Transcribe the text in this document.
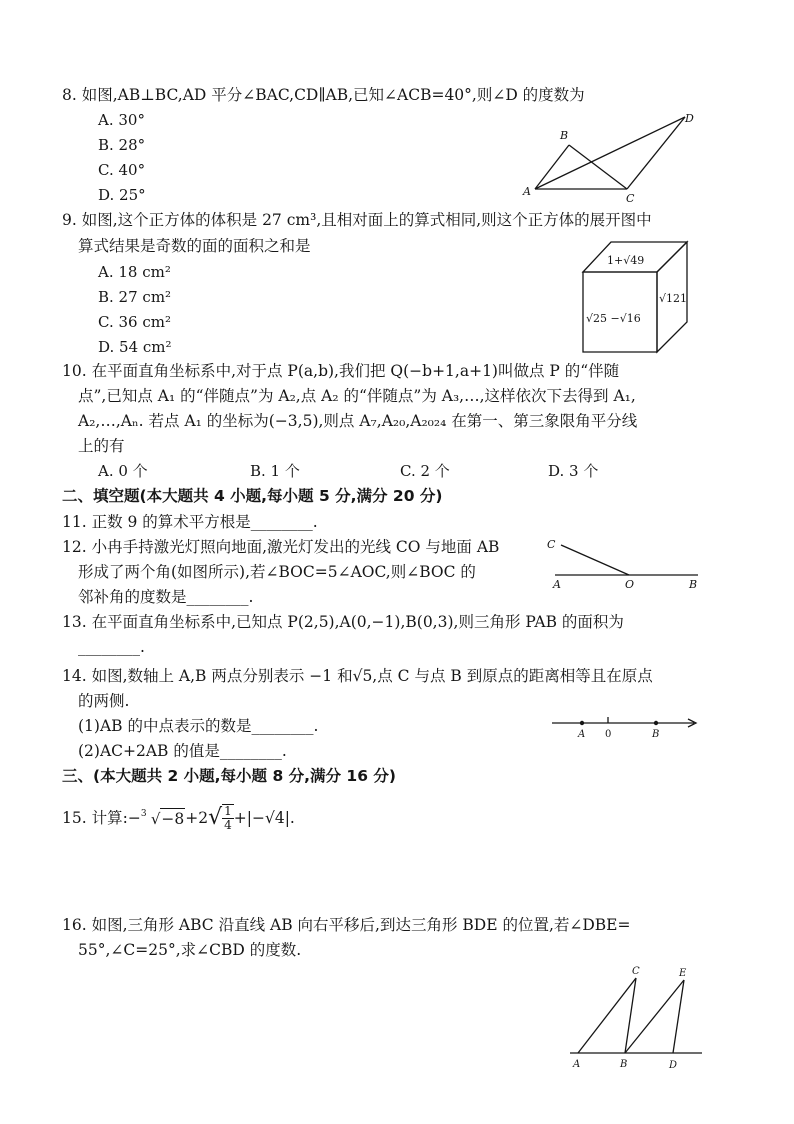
8. 如图,AB⊥BC,AD 平分∠BAC,CD∥AB,已知∠ACB=40°,则∠D 的度数为
A. 30°
B. 28°
C. 40°
D. 25°	A
B
C
D
9. 如图,这个正方体的体积是 27 cm³,且相对面上的算式相同,则这个正方体的展开图中
算式结果是奇数的面的面积之和是
A. 18 cm²
B. 27 cm²
C. 36 cm²
D. 54 cm²
1+√49
√121
√25 −√16
10. 在平面直角坐标系中,对于点 P(a,b),我们把 Q(−b+1,a+1)叫做点 P 的“伴随
点”,已知点 A₁ 的“伴随点”为 A₂,点 A₂ 的“伴随点”为 A₃,…,这样依次下去得到 A₁,
A₂,…,Aₙ. 若点 A₁ 的坐标为(−3,5),则点 A₇,A₂₀,A₂₀₂₄ 在第一、第三象限角平分线
上的有
A. 0 个	B. 1 个	C. 2 个	D. 3 个
二、填空题(本大题共 4 小题,每小题 5 分,满分 20 分)
11. 正数 9 的算术平方根是________.
12. 小冉手持激光灯照向地面,激光灯发出的光线 CO 与地面 AB
形成了两个角(如图所示),若∠BOC=5∠AOC,则∠BOC 的
邻补角的度数是________.
C
A	O	B
13. 在平面直角坐标系中,已知点 P(2,5),A(0,−1),B(0,3),则三角形 PAB 的面积为
________.
14. 如图,数轴上 A,B 两点分别表示 −1 和√5,点 C 与点 B 到原点的距离相等且在原点
的两侧.
(1)AB 的中点表示的数是________.
(2)AC+2AB 的值是________.
A 0	B
三、(本大题共 2 小题,每小题 8 分,满分 16 分)
15. 计算: − 3 √−8 +2 √ $\frac{1}{4} +|-√4|$.
16. 如图,三角形 ABC 沿直线 AB 向右平移后,到达三角形 BDE 的位置,若∠DBE=
55°,∠C=25°,求∠CBD 的度数.
C	E
A	B	D
